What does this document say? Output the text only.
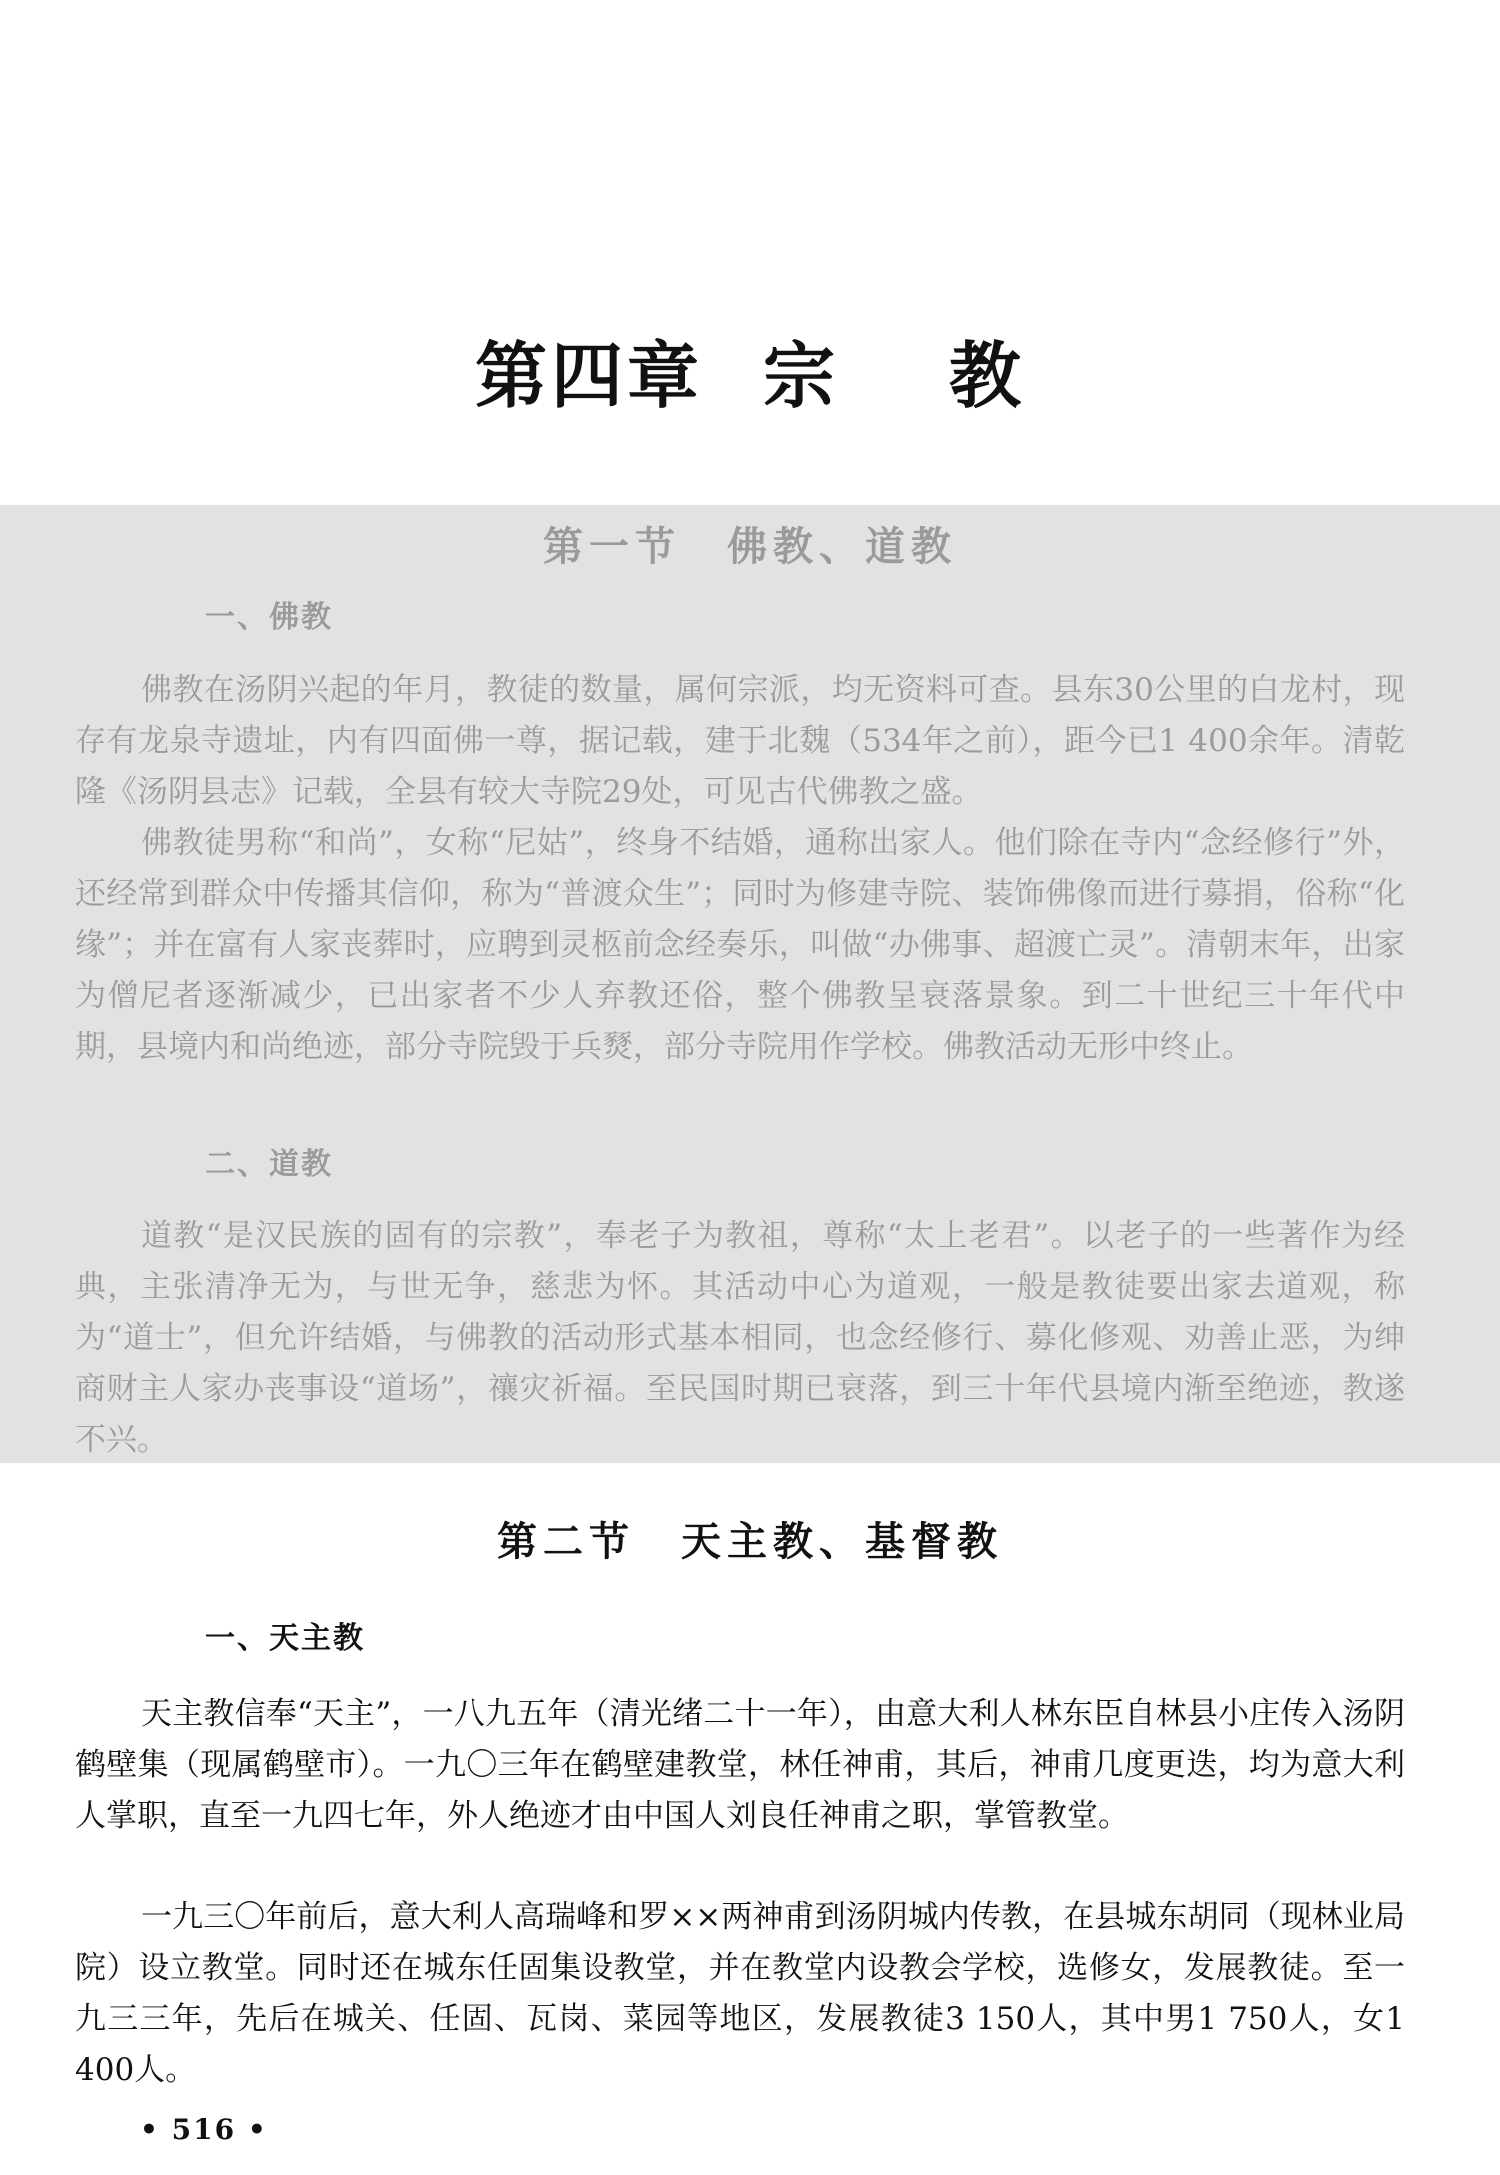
第四章 宗 教
第一节　佛教、道教
一、佛教

佛教在汤阴兴起的年月，教徒的数量，属何宗派，均无资料可查。县东30公里的白龙村，现存有龙泉寺遗址，内有四面佛一尊，据记载，建于北魏（534年之前），距今已1 400余年。清乾隆《汤阴县志》记载，全县有较大寺院29处，可见古代佛教之盛。

佛教徒男称“和尚”，女称“尼姑”，终身不结婚，通称出家人。他们除在寺内“念经修行”外，还经常到群众中传播其信仰，称为“普渡众生”；同时为修建寺院、装饰佛像而进行募捐，俗称“化缘”；并在富有人家丧葬时，应聘到灵柩前念经奏乐，叫做“办佛事、超渡亡灵”。清朝末年，出家为僧尼者逐渐减少，已出家者不少人弃教还俗，整个佛教呈衰落景象。到二十世纪三十年代中期，县境内和尚绝迹，部分寺院毁于兵燹，部分寺院用作学校。佛教活动无形中终止。

二、道教

道教“是汉民族的固有的宗教”，奉老子为教祖，尊称“太上老君”。以老子的一些著作为经典，主张清净无为，与世无争，慈悲为怀。其活动中心为道观，一般是教徒要出家去道观，称为“道士”，但允许结婚，与佛教的活动形式基本相同，也念经修行、募化修观、劝善止恶，为绅商财主人家办丧事设“道场”，禳灾祈福。至民国时期已衰落，到三十年代县境内渐至绝迹，教遂不兴。

第二节　天主教、基督教
一、天主教

天主教信奉“天主”，一八九五年（清光绪二十一年），由意大利人林东臣自林县小庄传入汤阴鹤壁集（现属鹤壁市）。一九〇三年在鹤壁建教堂，林任神甫，其后，神甫几度更迭，均为意大利人掌职，直至一九四七年，外人绝迹才由中国人刘良任神甫之职，掌管教堂。

一九三〇年前后，意大利人高瑞峰和罗××两神甫到汤阴城内传教，在县城东胡同（现林业局院）设立教堂。同时还在城东任固集设教堂，并在教堂内设教会学校，选修女，发展教徒。至一九三三年，先后在城关、任固、瓦岗、菜园等地区，发展教徒3 150人，其中男1 750人，女1 400人。

• 516 •
